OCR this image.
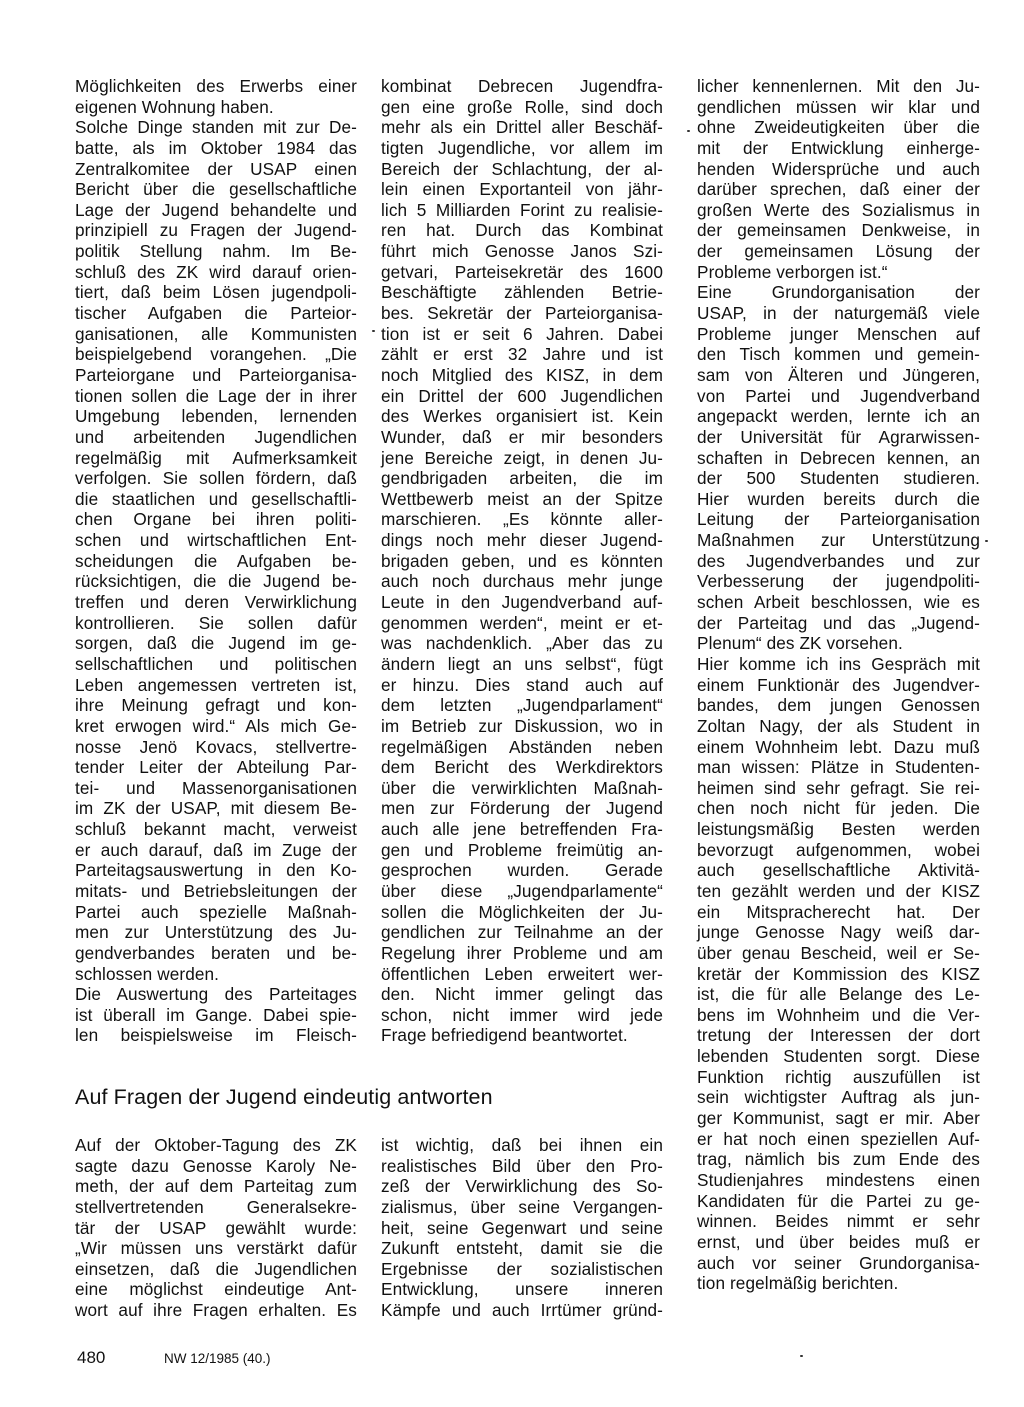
Möglichkeiten des Erwerbs einer
eigenen Wohnung haben.
Solche Dinge standen mit zur De-
batte, als im Oktober 1984 das
Zentralkomitee der USAP einen
Bericht über die gesellschaftliche
Lage der Jugend behandelte und
prinzipiell zu Fragen der Jugend-
politik Stellung nahm. Im Be-
schluß des ZK wird darauf orien-
tiert, daß beim Lösen jugendpoli-
tischer Aufgaben die Parteior-
ganisationen, alle Kommunisten
beispielgebend vorangehen. „Die
Parteiorgane und Parteiorganisa-
tionen sollen die Lage der in ihrer
Umgebung lebenden, lernenden
und arbeitenden Jugendlichen
regelmäßig mit Aufmerksamkeit
verfolgen. Sie sollen fördern, daß
die staatlichen und gesellschaftli-
chen Organe bei ihren politi-
schen und wirtschaftlichen Ent-
scheidungen die Aufgaben be-
rücksichtigen, die die Jugend be-
treffen und deren Verwirklichung
kontrollieren. Sie sollen dafür
sorgen, daß die Jugend im ge-
sellschaftlichen und politischen
Leben angemessen vertreten ist,
ihre Meinung gefragt und kon-
kret erwogen wird.“ Als mich Ge-
nosse Jenö Kovacs, stellvertre-
tender Leiter der Abteilung Par-
tei- und Massenorganisationen
im ZK der USAP, mit diesem Be-
schluß bekannt macht, verweist
er auch darauf, daß im Zuge der
Parteitagsauswertung in den Ko-
mitats- und Betriebsleitungen der
Partei auch spezielle Maßnah-
men zur Unterstützung des Ju-
gendverbandes beraten und be-
schlossen werden.
Die Auswertung des Parteitages
ist überall im Gange. Dabei spie-
len beispielsweise im Fleisch-
kombinat Debrecen Jugendfra-
gen eine große Rolle, sind doch
mehr als ein Drittel aller Beschäf-
tigten Jugendliche, vor allem im
Bereich der Schlachtung, der al-
lein einen Exportanteil von jähr-
lich 5 Milliarden Forint zu realisie-
ren hat. Durch das Kombinat
führt mich Genosse Janos Szi-
getvari, Parteisekretär des 1600
Beschäftigte zählenden Betrie-
bes. Sekretär der Parteiorganisa-
tion ist er seit 6 Jahren. Dabei
zählt er erst 32 Jahre und ist
noch Mitglied des KISZ, in dem
ein Drittel der 600 Jugendlichen
des Werkes organisiert ist. Kein
Wunder, daß er mir besonders
jene Bereiche zeigt, in denen Ju-
gendbrigaden arbeiten, die im
Wettbewerb meist an der Spitze
marschieren. „Es könnte aller-
dings noch mehr dieser Jugend-
brigaden geben, und es könnten
auch noch durchaus mehr junge
Leute in den Jugendverband auf-
genommen werden“, meint er et-
was nachdenklich. „Aber das zu
ändern liegt an uns selbst“, fügt
er hinzu. Dies stand auch auf
dem letzten „Jugendparlament“
im Betrieb zur Diskussion, wo in
regelmäßigen Abständen neben
dem Bericht des Werkdirektors
über die verwirklichten Maßnah-
men zur Förderung der Jugend
auch alle jene betreffenden Fra-
gen und Probleme freimütig an-
gesprochen wurden. Gerade
über diese „Jugendparlamente“
sollen die Möglichkeiten der Ju-
gendlichen zur Teilnahme an der
Regelung ihrer Probleme und am
öffentlichen Leben erweitert wer-
den. Nicht immer gelingt das
schon, nicht immer wird jede
Frage befriedigend beantwortet.
licher kennenlernen. Mit den Ju-
gendlichen müssen wir klar und
ohne Zweideutigkeiten über die
mit der Entwicklung einherge-
henden Widersprüche und auch
darüber sprechen, daß einer der
großen Werte des Sozialismus in
der gemeinsamen Denkweise, in
der gemeinsamen Lösung der
Probleme verborgen ist.“
Eine Grundorganisation der
USAP, in der naturgemäß viele
Probleme junger Menschen auf
den Tisch kommen und gemein-
sam von Älteren und Jüngeren,
von Partei und Jugendverband
angepackt werden, lernte ich an
der Universität für Agrarwissen-
schaften in Debrecen kennen, an
der 500 Studenten studieren.
Hier wurden bereits durch die
Leitung der Parteiorganisation
Maßnahmen zur Unterstützung
des Jugendverbandes und zur
Verbesserung der jugendpoliti-
schen Arbeit beschlossen, wie es
der Parteitag und das „Jugend-
Plenum“ des ZK vorsehen.
Hier komme ich ins Gespräch mit
einem Funktionär des Jugendver-
bandes, dem jungen Genossen
Zoltan Nagy, der als Student in
einem Wohnheim lebt. Dazu muß
man wissen: Plätze in Studenten-
heimen sind sehr gefragt. Sie rei-
chen noch nicht für jeden. Die
leistungsmäßig Besten werden
bevorzugt aufgenommen, wobei
auch gesellschaftliche Aktivitä-
ten gezählt werden und der KISZ
ein Mitspracherecht hat. Der
junge Genosse Nagy weiß dar-
über genau Bescheid, weil er Se-
kretär der Kommission des KISZ
ist, die für alle Belange des Le-
bens im Wohnheim und die Ver-
tretung der Interessen der dort
lebenden Studenten sorgt. Diese
Funktion richtig auszufüllen ist
sein wichtigster Auftrag als jun-
ger Kommunist, sagt er mir. Aber
er hat noch einen speziellen Auf-
trag, nämlich bis zum Ende des
Studienjahres mindestens einen
Kandidaten für die Partei zu ge-
winnen. Beides nimmt er sehr
ernst, und über beides muß er
auch vor seiner Grundorganisa-
tion regelmäßig berichten.
Auf Fragen der Jugend eindeutig antworten
Auf der Oktober-Tagung des ZK
sagte dazu Genosse Karoly Ne-
meth, der auf dem Parteitag zum
stellvertretenden Generalsekre-
tär der USAP gewählt wurde:
„Wir müssen uns verstärkt dafür
einsetzen, daß die Jugendlichen
eine möglichst eindeutige Ant-
wort auf ihre Fragen erhalten. Es
ist wichtig, daß bei ihnen ein
realistisches Bild über den Pro-
zeß der Verwirklichung des So-
zialismus, über seine Vergangen-
heit, seine Gegenwart und seine
Zukunft entsteht, damit sie die
Ergebnisse der sozialistischen
Entwicklung, unsere inneren
Kämpfe und auch Irrtümer gründ-
480	NW 12/1985 (40.)
